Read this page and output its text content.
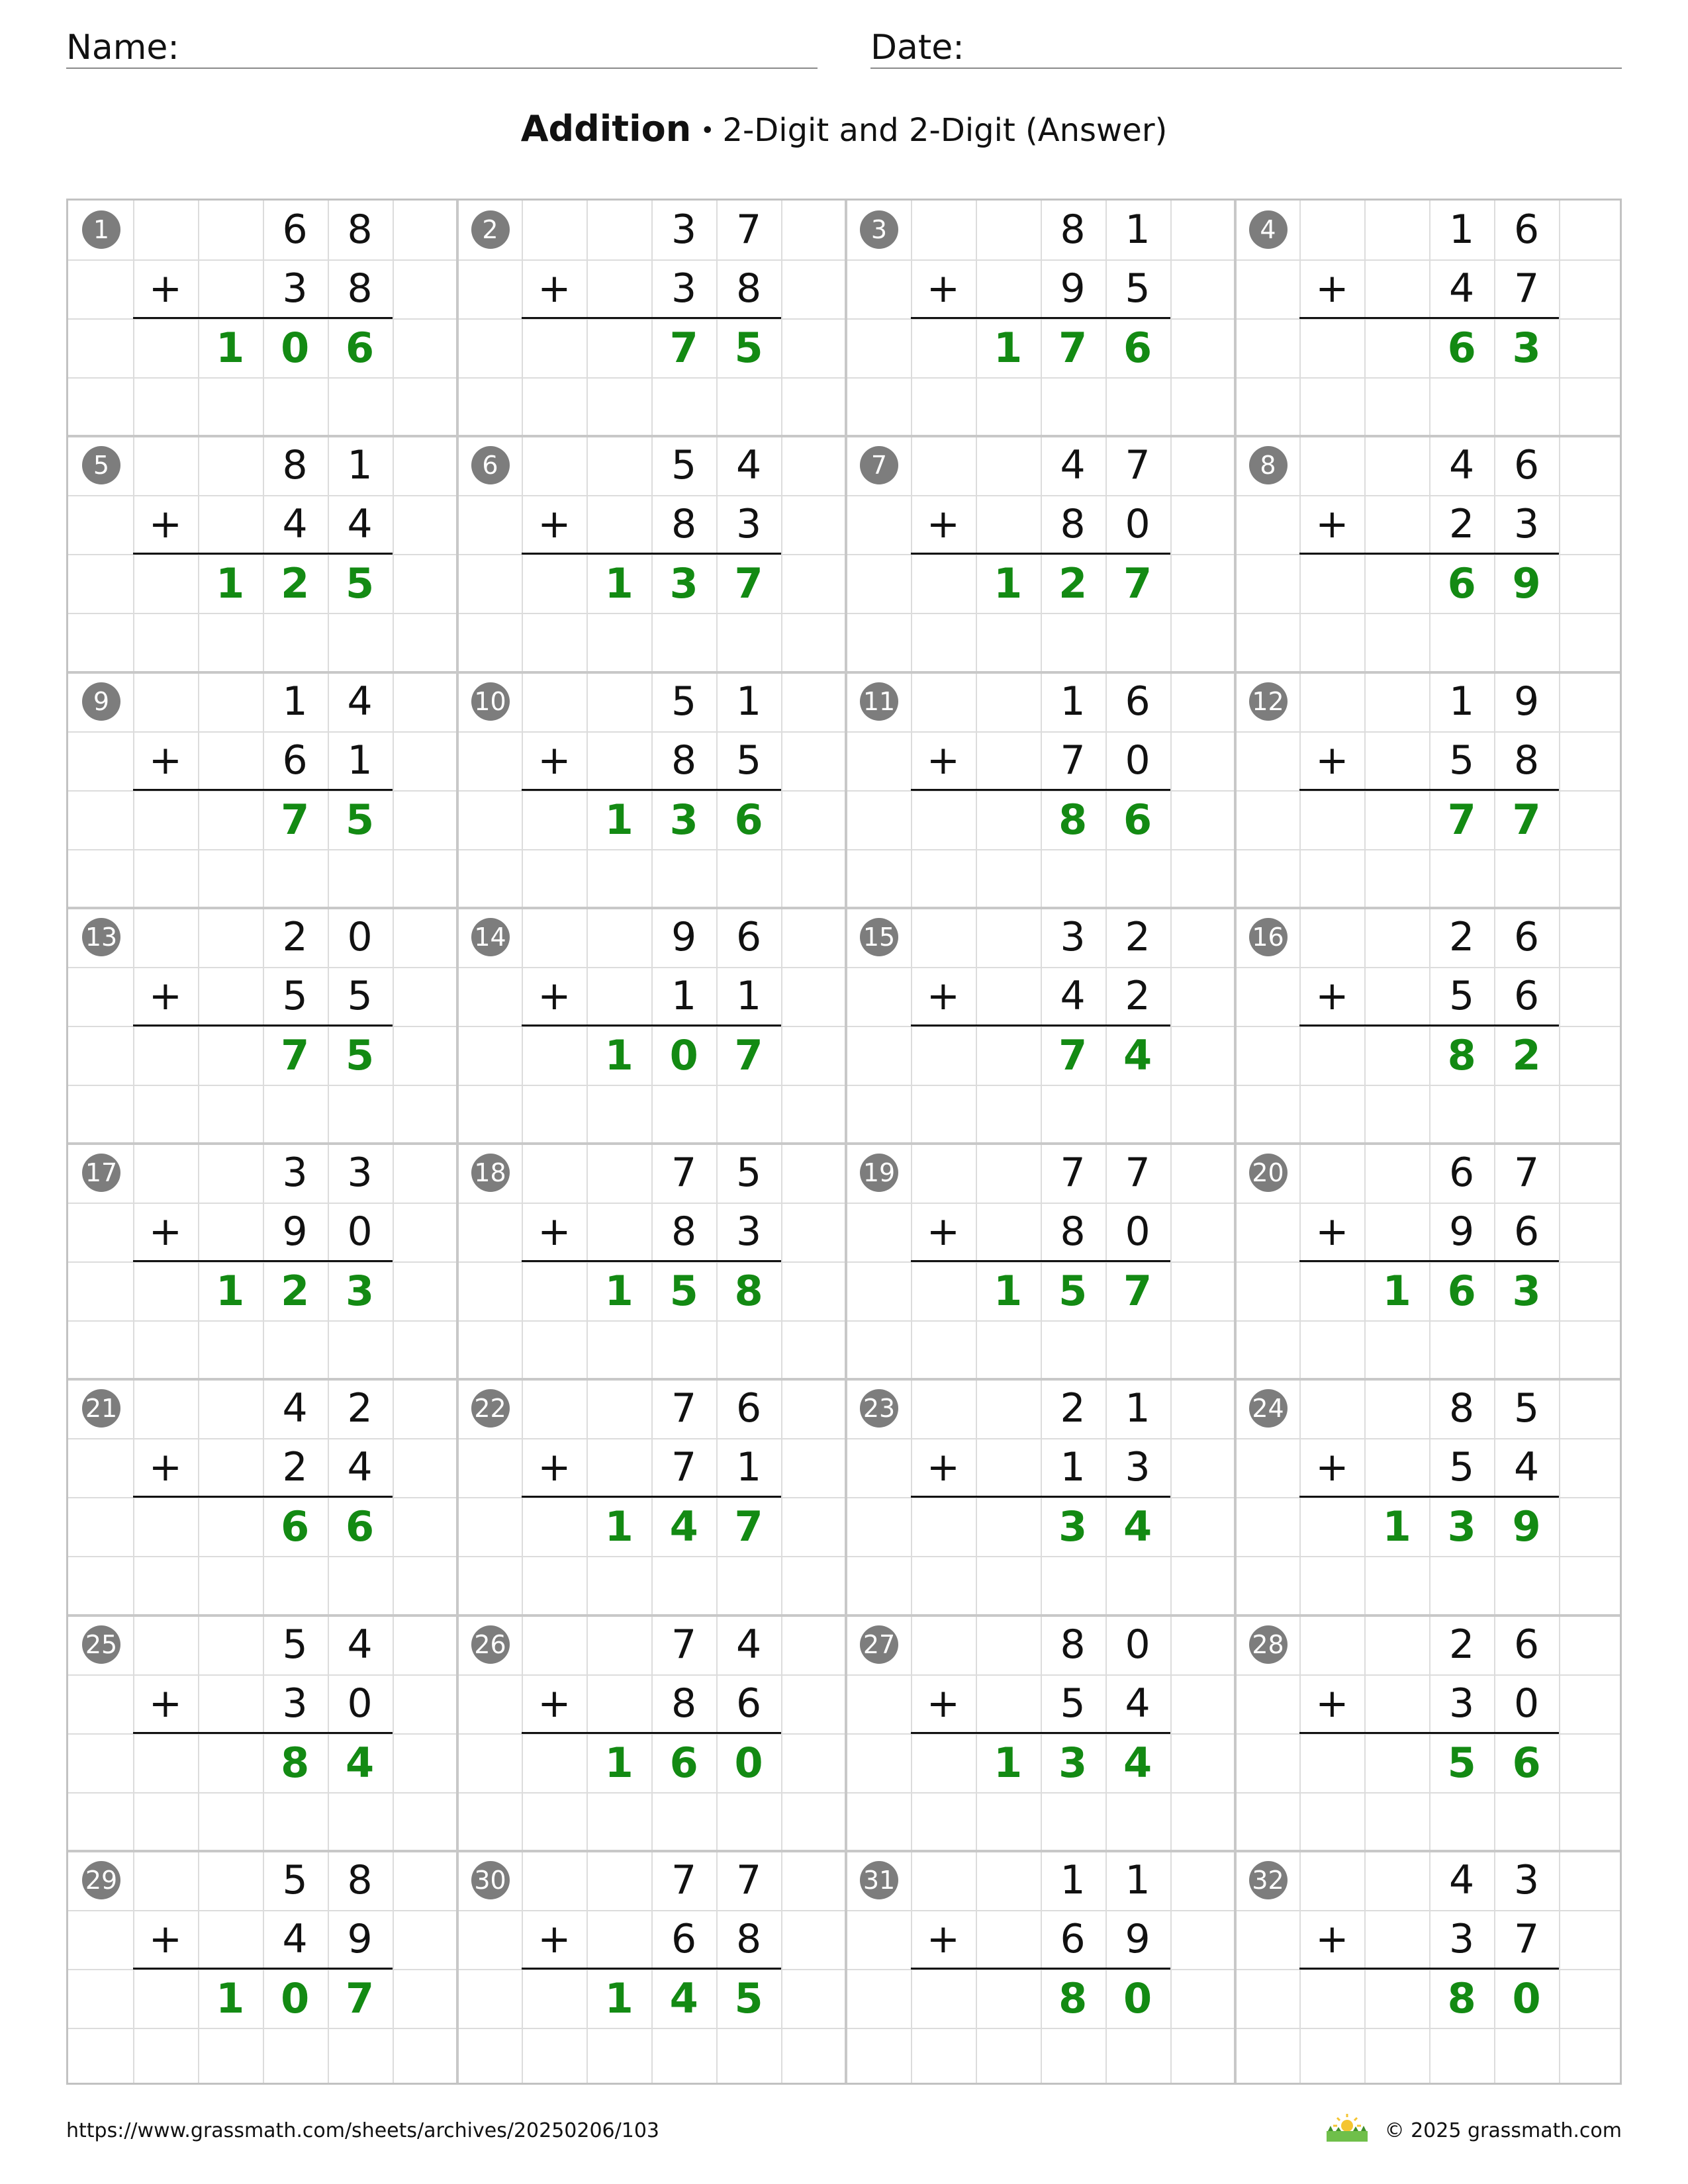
Name:	Date:
Addition • 2-Digit and 2-Digit (Answer)
1	6 8
3 8
1 0 6
+
2	3 7
3 8
7 5
+
3	8 1
9 5
1 7 6
+
4	1 6
4 7
6 3
+
5	8 1
4 4
1 2 5
+
6	5 4
8 3
1 3 7
+
7	4 7
8 0
1 2 7
+
8	4 6
2 3
6 9
+
9	1 4
6 1
7 5
+
10	5 1
8 5
1 3 6
+
11	1 6
7 0
8 6
+
12	1 9
5 8
7 7
+
13	2 0
5 5
7 5
+
14	9 6
1 1
1 0 7
+
15	3 2
4 2
7 4
+
16	2 6
5 6
8 2
+
17	3 3
9 0
1 2 3
+
18	7 5
8 3
1 5 8
+
19	7 7
8 0
1 5 7
+
20	6 7
9 6
1 6 3
+
21	4 2
2 4
6 6
+
22	7 6
7 1
1 4 7
+
23	2 1
1 3
3 4
+
24	8 5
5 4
1 3 9
+
25	5 4
3 0
8 4
+
26	7 4
8 6
1 6 0
+
27	8 0
5 4
1 3 4
+
28	2 6
3 0
5 6
+
29	5 8
4 9
1 0 7
+
30	7 7
6 8
1 4 5
+
31	1 1
6 9
8 0
+
32	4 3
3 7
8 0
+
https://www.grassmath.com/sheets/archives/20250206/103	© 2025 grassmath.com
